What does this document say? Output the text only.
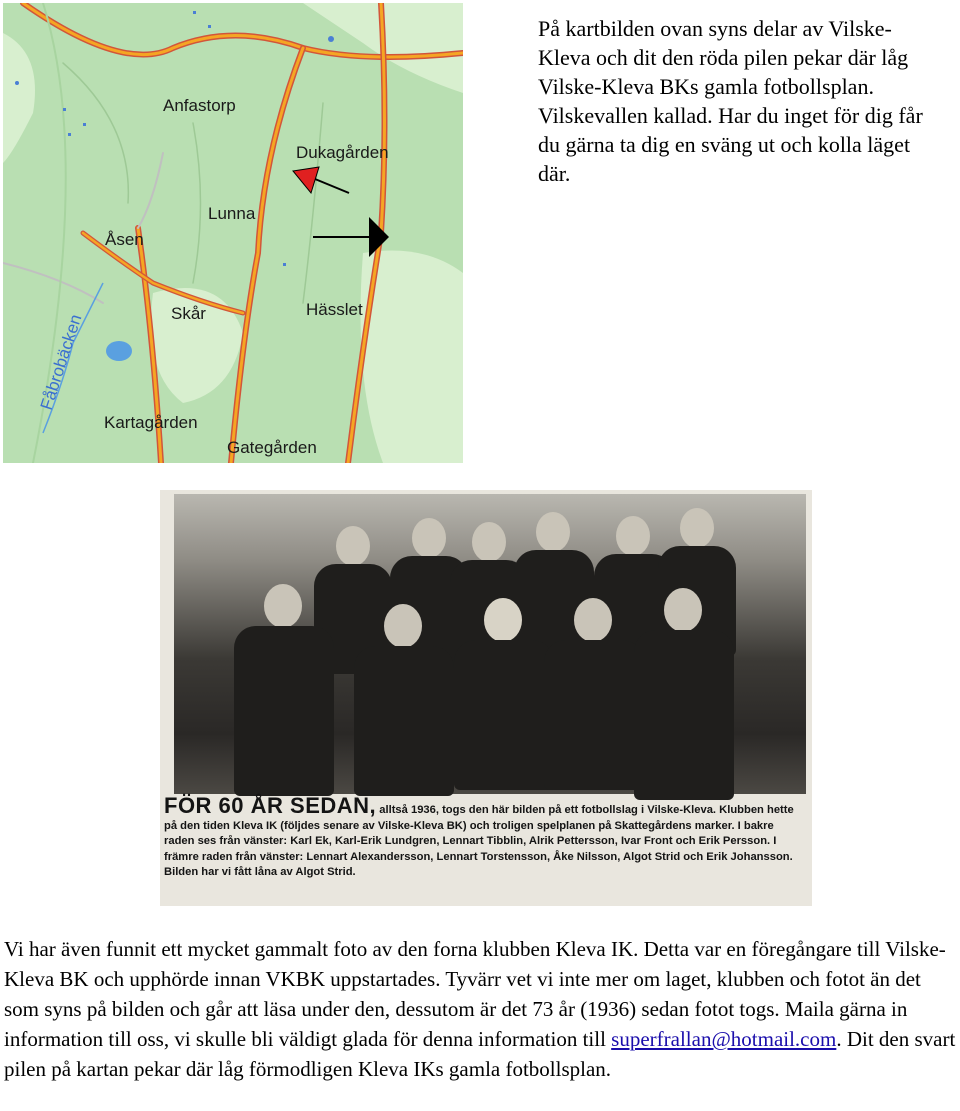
Anfastorp
Dukagården
Lunna
Åsen
Skår	Hässlet
Fåbrobäcken
Kartagården
Gategården

På kartbilden ovan syns delar av Vilske-Kleva och dit den röda pilen pekar där låg Vilske-Kleva BKs gamla fotbollsplan. Vilskevallen kallad. Har du inget för dig får du gärna ta dig en sväng ut och kolla läget där.

FÖR 60 ÅR SEDAN, alltså 1936, togs den här bilden på ett fotbollslag i Vilske-Kleva. Klubben hette på den tiden Kleva IK (följdes senare av Vilske-Kleva BK) och troligen spelplanen på Skattegårdens marker. I bakre raden ses från vänster: Karl Ek, Karl-Erik Lundgren, Lennart Tibblin, Alrik Pettersson, Ivar Front och Erik Persson. I främre raden från vänster: Lennart Alexandersson, Lennart Torstensson, Åke Nilsson, Algot Strid och Erik Johansson. Bilden har vi fått låna av Algot Strid.

Vi har även funnit ett mycket gammalt foto av den forna klubben Kleva IK. Detta var en föregångare till Vilske-Kleva BK och upphörde innan VKBK uppstartades. Tyvärr vet vi inte mer om laget, klubben och fotot än det som syns på bilden och går att läsa under den, dessutom är det 73 år (1936) sedan fotot togs. Maila gärna in information till oss, vi skulle bli väldigt glada för denna information till superfrallan@hotmail.com. Dit den svart pilen på kartan pekar där låg förmodligen Kleva IKs gamla fotbollsplan.
